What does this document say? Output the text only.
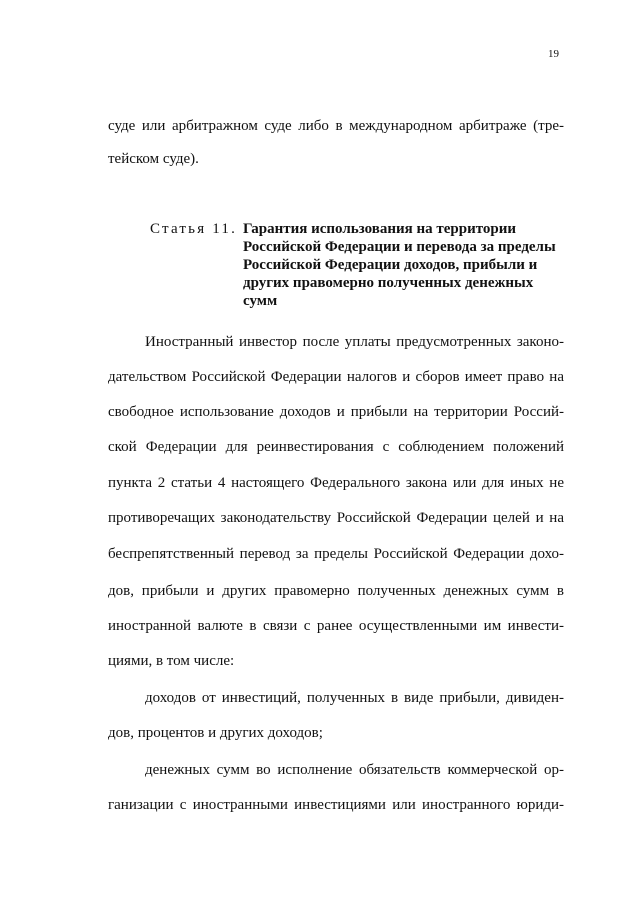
19
суде или арбитражном суде либо в международном арбитраже (тре-
тейском суде).
Статья 11. Гарантия использования на территории
Российской Федерации и перевода за пределы
Российской Федерации доходов, прибыли и
других правомерно полученных денежных
сумм
Иностранный инвестор после уплаты предусмотренных законо-
дательством Российской Федерации налогов и сборов имеет право на
свободное использование доходов и прибыли на территории Россий-
ской Федерации для реинвестирования с соблюдением положений
пункта 2 статьи 4 настоящего Федерального закона или для иных не
противоречащих законодательству Российской Федерации целей и на
беспрепятственный перевод за пределы Российской Федерации дохо-
дов, прибыли и других правомерно полученных денежных сумм в
иностранной валюте в связи с ранее осуществленными им инвести-
циями, в том числе:
доходов от инвестиций, полученных в виде прибыли, дивиден-
дов, процентов и других доходов;
денежных сумм во исполнение обязательств коммерческой ор-
ганизации с иностранными инвестициями или иностранного юриди-
